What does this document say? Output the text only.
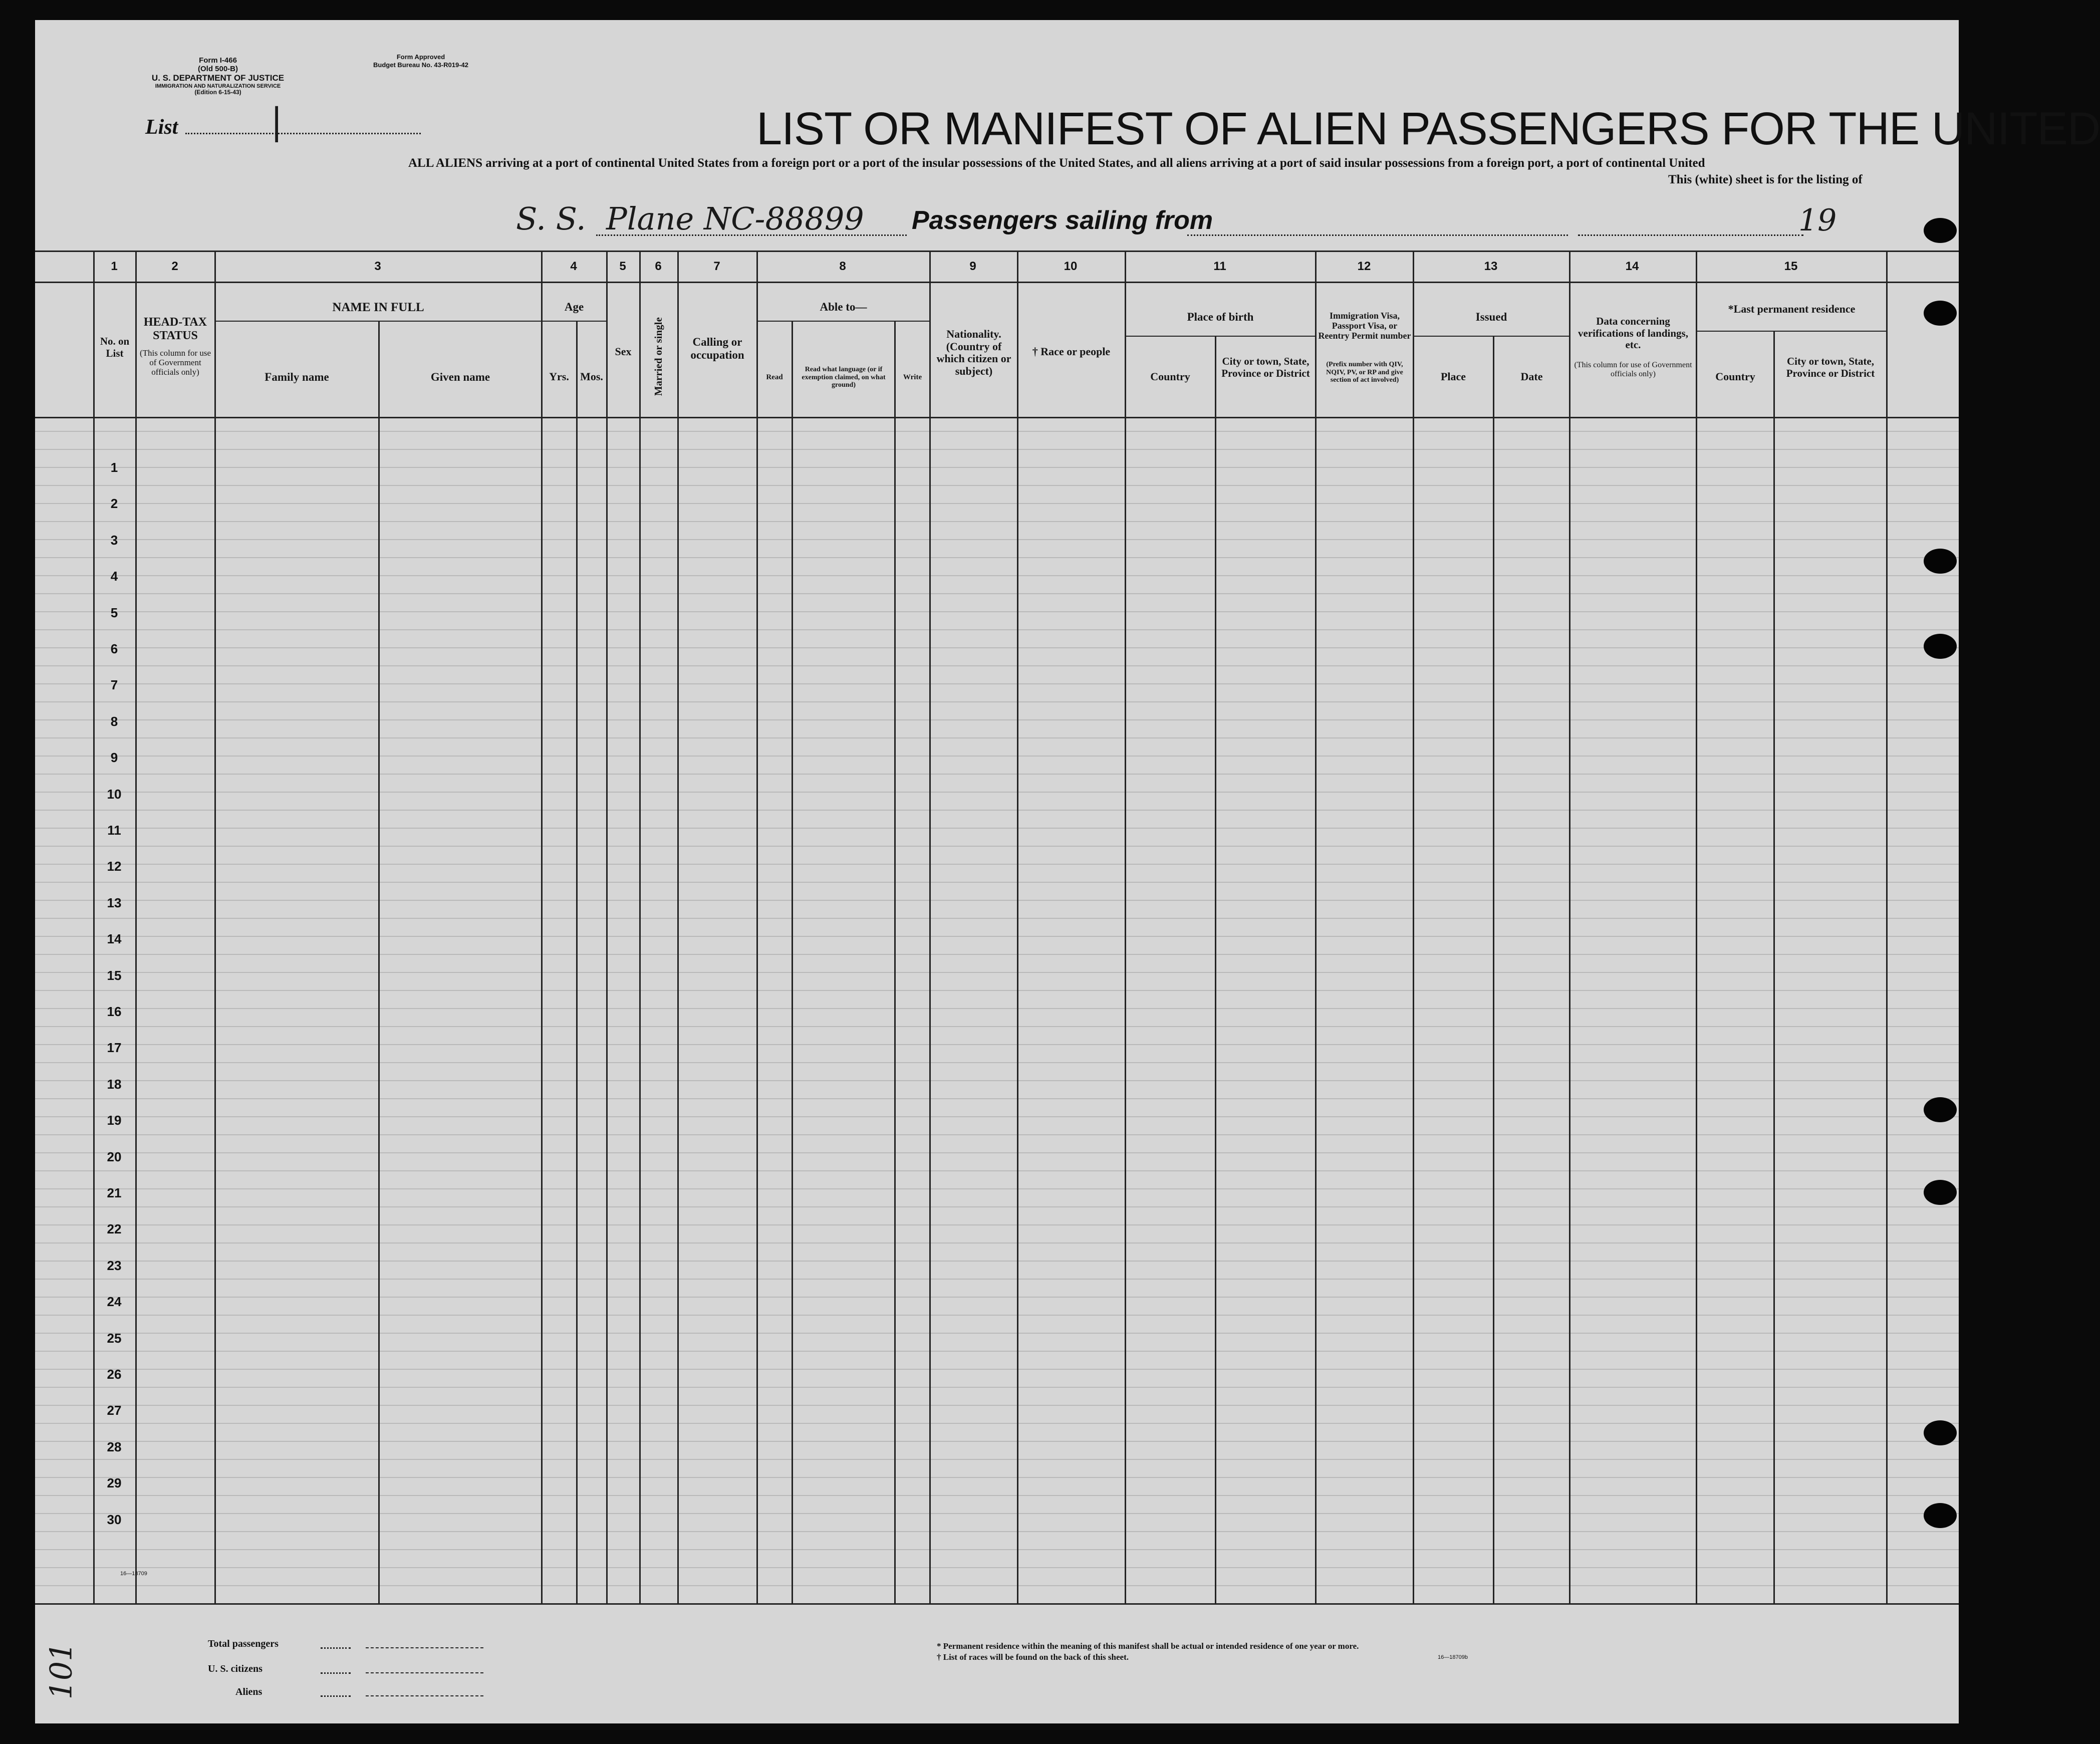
Form I-466
(Old 500-B)
U. S. DEPARTMENT OF JUSTICE
IMMIGRATION AND NATURALIZATION SERVICE
(Edition 6-15-43)
Form Approved
Budget Bureau No. 43-R019-42
List	|	LIST OR MANIFEST OF ALIEN PASSENGERS FOR THE UNITED
ALL ALIENS arriving at a port of continental United States from a foreign port or a port of the insular possessions of the United States, and all aliens arriving at a port of said insular possessions from a foreign port, a port of continental United
This (white) sheet is for the listing of
S. S. Plane NC-88899 Passengers sailing from	19
1	2	3	4	5	6	7	8	9	10	11	12	13	14	15
No. on List
HEAD-TAX STATUS
(This column for use of Government officials only)
NAME IN FULL
Family name	Given name
Age
Yrs.	Mos.
Sex	Married or single	Calling or occupation
Able to—
Read
Read what language (or if exemption claimed, on what ground)
Write
Nationality. (Country of which citizen or subject)
† Race or people
Place of birth
Country
City or town, State, Province or District
Immigration Visa, Passport Visa, or Reentry Permit number
(Prefix number with QIV, NQIV, PV, or RP and give section of act involved)
Issued
Place	Date
Data concerning verifications of landings, etc.
(This column for use of Government officials only)
*Last permanent residence
Country
City or town, State, Province or District
1
2
3
4
5
6
7
8
9
10
11
12
13
14
15
16
17
18
19
20
21
22
23
24
25
26
27
28
29
30
16—18709
Total passengers
U. S. citizens
Aliens
* Permanent residence within the meaning of this manifest shall be actual or intended residence of one year or more.
† List of races will be found on the back of this sheet.	16—18709b
101
